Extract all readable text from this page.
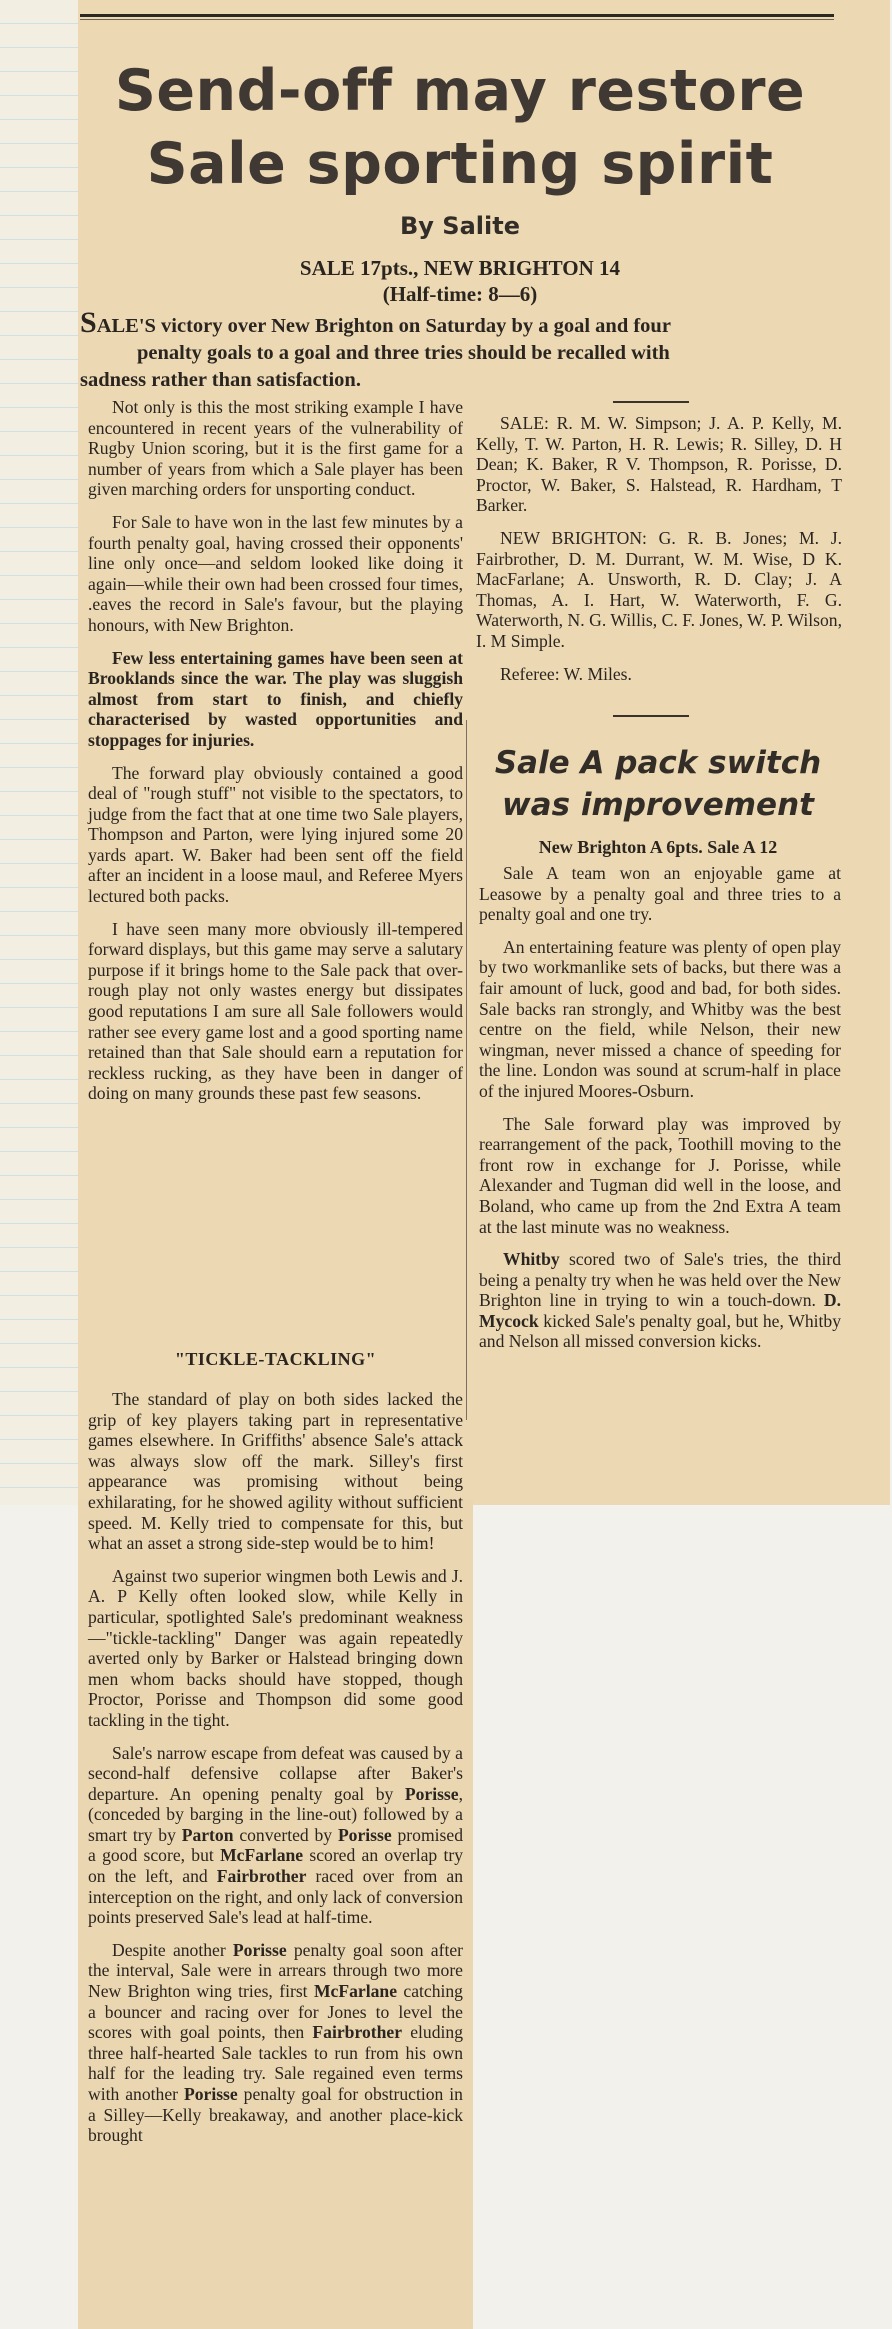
Send-off may restore
Sale sporting spirit
By Salite
SALE 17pts., NEW BRIGHTON 14
(Half-time: 8—6)
SALE'S victory over New Brighton on Saturday by a goal and four
penalty goals to a goal and three tries should be recalled with
sadness rather than satisfaction.

Not only is this the most striking example I have encountered in recent years of the vulnerability of Rugby Union scoring, but it is the first game for a number of years from which a Sale player has been given marching orders for unsporting conduct.

For Sale to have won in the last few minutes by a fourth penalty goal, having crossed their opponents' line only once—and seldom looked like doing it again—while their own had been crossed four times, .eaves the record in Sale's favour, but the playing honours, with New Brighton.

Few less entertaining games have been seen at Brooklands since the war. The play was sluggish almost from start to finish, and chiefly characterised by wasted opportunities and stoppages for injuries.

The forward play obviously contained a good deal of "rough stuff" not visible to the spectators, to judge from the fact that at one time two Sale players, Thompson and Parton, were lying injured some 20 yards apart. W. Baker had been sent off the field after an incident in a loose maul, and Referee Myers lectured both packs.

I have seen many more obviously ill-tempered forward displays, but this game may serve a salutary purpose if it brings home to the Sale pack that over-rough play not only wastes energy but dissipates good reputations I am sure all Sale followers would rather see every game lost and a good sporting name retained than that Sale should earn a reputation for reckless rucking, as they have been in danger of doing on many grounds these past few seasons.

"TICKLE-TACKLING"

The standard of play on both sides lacked the grip of key players taking part in representative games elsewhere. In Griffiths' absence Sale's attack was always slow off the mark. Silley's first appearance was promising without being exhilarating, for he showed agility without sufficient speed. M. Kelly tried to compensate for this, but what an asset a strong side-step would be to him!

Against two superior wingmen both Lewis and J. A. P Kelly often looked slow, while Kelly in particular, spotlighted Sale's predominant weakness —"tickle-tackling" Danger was again repeatedly averted only by Barker or Halstead bringing down men whom backs should have stopped, though Proctor, Porisse and Thompson did some good tackling in the tight.

Sale's narrow escape from defeat was caused by a second-half defensive collapse after Baker's departure. An opening penalty goal by Porisse, (conceded by barging in the line-out) followed by a smart try by Parton converted by Porisse promised a good score, but McFarlane scored an overlap try on the left, and Fairbrother raced over from an interception on the right, and only lack of conversion points preserved Sale's lead at half-time.

Despite another Porisse penalty goal soon after the interval, Sale were in arrears through two more New Brighton wing tries, first McFarlane catching a bouncer and racing over for Jones to level the scores with goal points, then Fairbrother eluding three half-hearted Sale tackles to run from his own half for the leading try. Sale regained even terms with another Porisse penalty goal for obstruction in a Silley—Kelly breakaway, and another place-kick brought

SALE: R. M. W. Simpson; J. A. P. Kelly, M. Kelly, T. W. Parton, H. R. Lewis; R. Silley, D. H Dean; K. Baker, R V. Thompson, R. Porisse, D. Proctor, W. Baker, S. Halstead, R. Hardham, T Barker.

NEW BRIGHTON: G. R. B. Jones; M. J. Fairbrother, D. M. Durrant, W. M. Wise, D K. MacFarlane; A. Unsworth, R. D. Clay; J. A Thomas, A. I. Hart, W. Waterworth, F. G. Waterworth, N. G. Willis, C. F. Jones, W. P. Wilson, I. M Simple.

Referee: W. Miles.

Sale A pack switch
was improvement
New Brighton A 6pts. Sale A 12

Sale A team won an enjoyable game at Leasowe by a penalty goal and three tries to a penalty goal and one try.

An entertaining feature was plenty of open play by two workmanlike sets of backs, but there was a fair amount of luck, good and bad, for both sides. Sale backs ran strongly, and Whitby was the best centre on the field, while Nelson, their new wingman, never missed a chance of speeding for the line. London was sound at scrum-half in place of the injured Moores-Osburn.

The Sale forward play was improved by rearrangement of the pack, Toothill moving to the front row in exchange for J. Porisse, while Alexander and Tugman did well in the loose, and Boland, who came up from the 2nd Extra A team at the last minute was no weakness.

Whitby scored two of Sale's tries, the third being a penalty try when he was held over the New Brighton line in trying to win a touch-down. D. Mycock kicked Sale's penalty goal, but he, Whitby and Nelson all missed conversion kicks.
